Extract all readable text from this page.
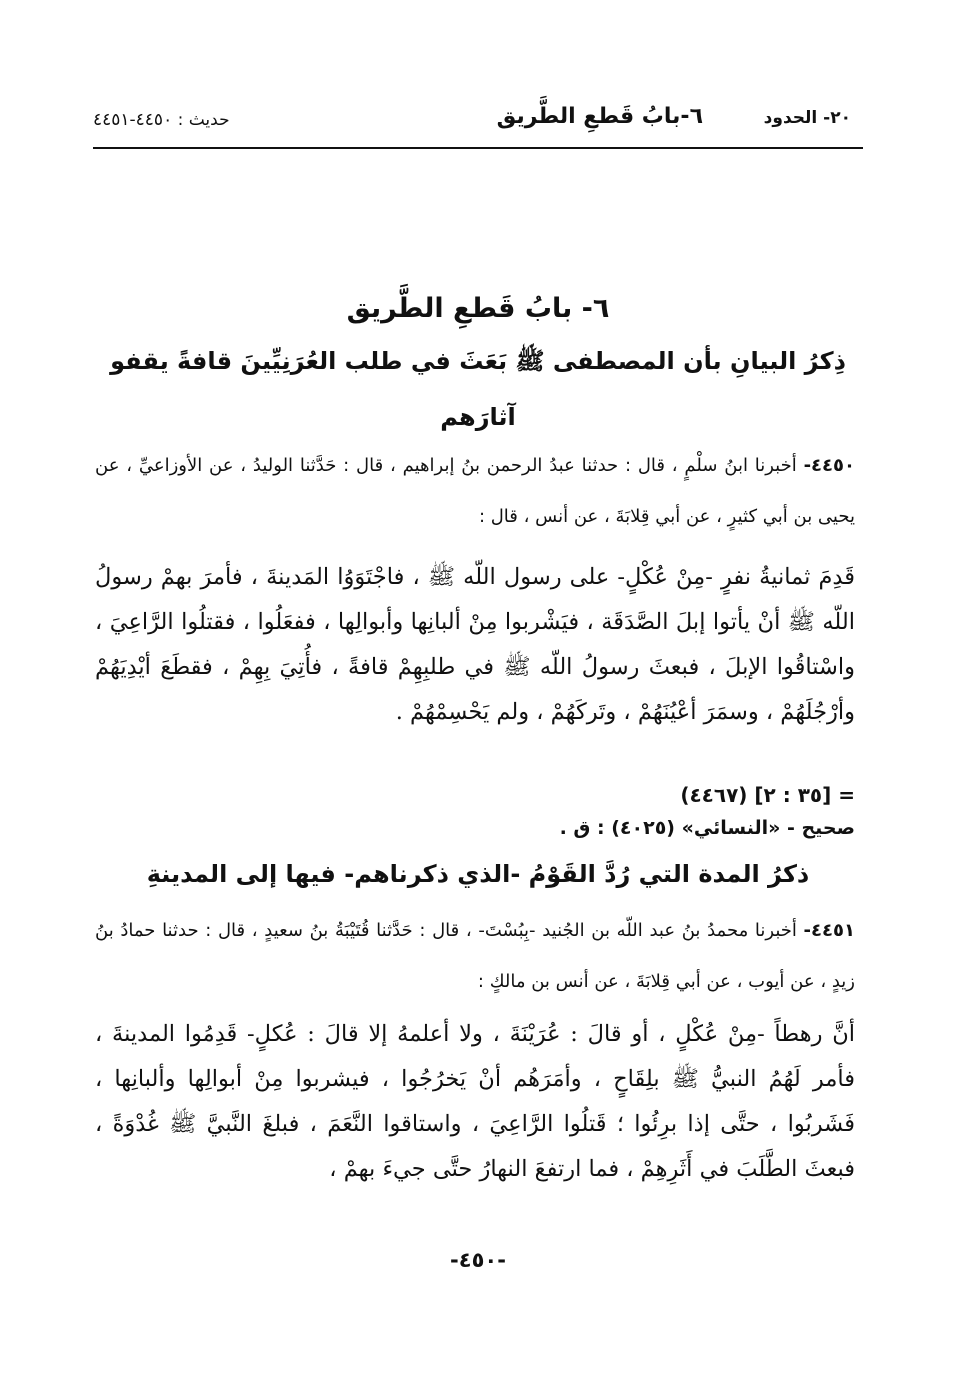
٢٠- الحدود
٦-بابُ قَطعِ الطَّريق
حديث : ٤٤٥٠-٤٤٥١
٦- بابُ قَطعِ الطَّريق
ذِكرُ البيانِ بأن المصطفى ﷺ بَعَثَ في طلب العُرَنِيِّينَ قافةً يقفو آثارَهم
٤٤٥٠- أخبرنا ابنُ سلْمٍ ، قال : حدثنا عبدُ الرحمن بنُ إبراهيم ، قال : حَدَّثنا الوليدُ ، عن الأوزاعيِّ ، عن يحيى بن أبي كثيرٍ ، عن أبي قِلابَةَ ، عن أنس ، قال :
قَدِمَ ثمانيةُ نفرٍ -مِنْ عُكْلٍ- على رسول اللّه ﷺ ، فاجْتَوَوُا المَدينةَ ، فأمرَ بهمْ رسولُ اللّه ﷺ أنْ يأتوا إبلَ الصَّدَقَة ، فيَشْربوا مِنْ ألبانِها وأبوالِها ، ففعَلُوا ، فقتلُوا الرَّاعِيَ ، واسْتاقُوا الإبلَ ، فبعثَ رسولُ اللّه ﷺ في طلبِهِمْ قافةً ، فأُتِيَ بِهِمْ ، فقطَعَ أيْدِيَهُمْ وأرْجُلَهُمْ ، وسمَرَ أعْيُنَهُمْ ، وتَركَهُمْ ، ولم يَحْسِمْهُمْ .
= [٣٥ : ٢] (٤٤٦٧)
صحيح - «النسائي» (٤٠٢٥) : ق .
ذكرُ المدة التي رُدَّ القَوْمُ -الذي ذكرناهم- فيها إلى المدينةِ
٤٤٥١- أخبرنا محمدُ بنُ عبد اللّه بن الجُنيد -بِبُسْتَ- ، قال : حَدَّثنا قُتَيْبَةُ بنُ سعيدٍ ، قال : حدثنا حمادُ بنُ زيدٍ ، عن أيوب ، عن أبي قِلابَةَ ، عن أنس بن مالكٍ :
أنَّ رهطاً -مِنْ عُكْلٍ ، أو قالَ : عُرَيْنَةَ ، ولا أعلمهُ إلا قالَ : عُكلٍ- قَدِمُوا المدينةَ ، فأمر لَهُمُ النبيُّ ﷺ بلِقَاحٍ ، وأمَرَهُم أنْ يَخرُجُوا ، فيشربوا مِنْ أبوالِها وألبانِها ، فَشَربُوا ، حتَّى إذا برِئُوا ؛ قَتلُوا الرَّاعِيَ ، واستاقوا النَّعَمَ ، فبلغَ النَّبيَّ ﷺ غُدْوَةً ، فبعثَ الطَّلَبَ في أَثَرِهِمْ ، فما ارتفعَ النهارُ حتَّى جيءَ بهمْ ،
-٤٥٠-
